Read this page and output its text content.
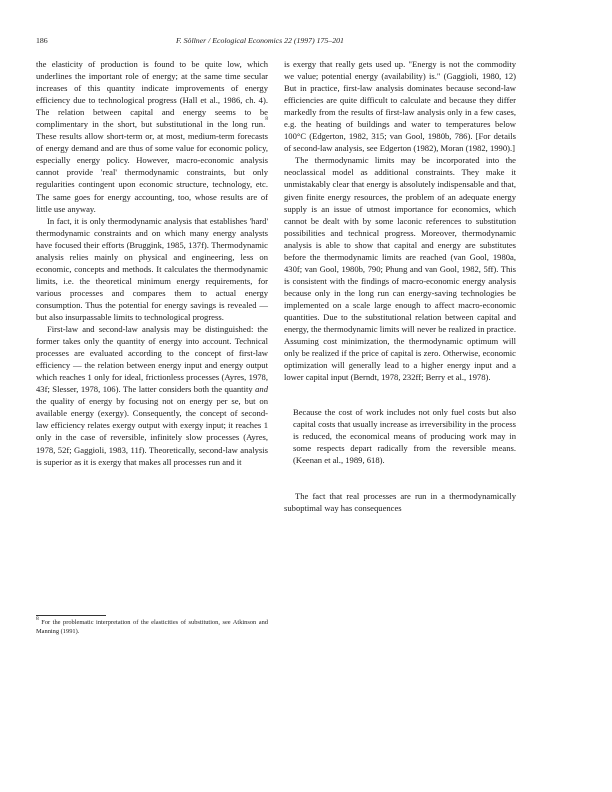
186	F. Söllner / Ecological Economics 22 (1997) 175–201

the elasticity of production is found to be quite low, which underlines the important role of energy; at the same time secular increases of this quantity indicate improvements of energy efficiency due to technological progress (Hall et al., 1986, ch. 4). The relation between capital and energy seems to be complimentary in the short, but substitutional in the long run.$^8$ These results allow short-term or, at most, medium-term forecasts of energy demand and are thus of some value for economic policy, especially energy policy. However, macro-economic analysis cannot provide 'real' thermodynamic constraints, but only regularities contingent upon economic structure, technology, etc. The same goes for energy accounting, too, whose results are of little use anyway.

In fact, it is only thermodynamic analysis that establishes 'hard' thermodynamic constraints and on which many energy analysts have focused their efforts (Bruggink, 1985, 137f). Thermodynamic analysis relies mainly on physical and engineering, less on economic, concepts and methods. It calculates the thermodynamic limits, i.e. the theoretical minimum energy requirements, for various processes and compares them to actual energy consumption. Thus the potential for energy savings is revealed — but also insurpassable limits to technological progress.

First-law and second-law analysis may be distinguished: the former takes only the quantity of energy into account. Technical processes are evaluated according to the concept of first-law efficiency — the relation between energy input and energy output which reaches 1 only for ideal, frictionless processes (Ayres, 1978, 43f; Slesser, 1978, 106). The latter considers both the quantity and the quality of energy by focusing not on energy per se, but on available energy (exergy). Consequently, the concept of second-law efficiency relates exergy output with exergy input; it reaches 1 only in the case of reversible, infinitely slow processes (Ayres, 1978, 52f; Gaggioli, 1983, 11f). Theoretically, second-law analysis is superior as it is exergy that makes all processes run and it

$^8$ For the problematic interpretation of the elasticities of substitution, see Atkinson and Manning (1991).

is exergy that really gets used up. "Energy is not the commodity we value; potential energy (availability) is." (Gaggioli, 1980, 12) But in practice, first-law analysis dominates because second-law efficiencies are quite difficult to calculate and because they differ markedly from the results of first-law analysis only in a few cases, e.g. the heating of buildings and water to temperatures below 100°C (Edgerton, 1982, 315; van Gool, 1980b, 786). [For details of second-law analysis, see Edgerton (1982), Moran (1982, 1990).]

The thermodynamic limits may be incorporated into the neoclassical model as additional constraints. They make it unmistakably clear that energy is absolutely indispensable and that, given finite energy resources, the problem of an adequate energy supply is an issue of utmost importance for economics, which cannot be dealt with by some laconic references to substitution possibilities and technical progress. Moreover, thermodynamic analysis is able to show that capital and energy are substitutes before the thermodynamic limits are reached (van Gool, 1980a, 430f; van Gool, 1980b, 790; Phung and van Gool, 1982, 5ff). This is consistent with the findings of macro-economic energy analysis because only in the long run can energy-saving technologies be implemented on a scale large enough to affect macro-economic quantities. Due to the substitutional relation between capital and energy, the thermodynamic limits will never be realized in practice. Assuming cost minimization, the thermodynamic optimum will only be realized if the price of capital is zero. Otherwise, economic optimization will generally lead to a higher energy input and a lower capital input (Berndt, 1978, 232ff; Berry et al., 1978).

Because the cost of work includes not only fuel costs but also capital costs that usually increase as irreversibility in the process is reduced, the economical means of producing work may in some respects depart radically from the reversible means. (Keenan et al., 1989, 618).

The fact that real processes are run in a thermodynamically suboptimal way has consequences
